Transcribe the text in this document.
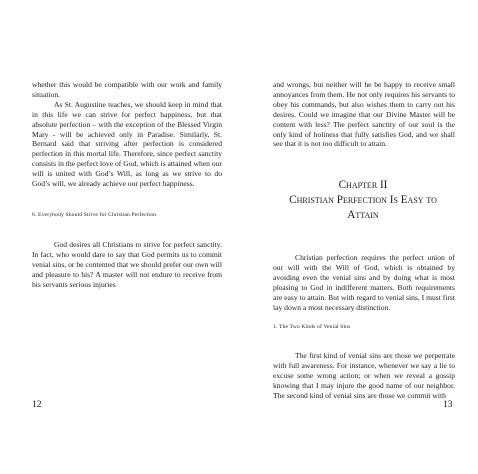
whether this would be compatible with our work and family situation.

As St. Augustine teaches, we should keep in mind that in this life we can strive for perfect happiness, but that absolute perfection – with the exception of the Blessed Virgin Mary - will be achieved only in Paradise. Similarly, St. Bernard said that striving after perfection is considered perfection in this mortal life. Therefore, since perfect sanctity consists in the perfect love of God, which is attained when our will is united with God’s Will, as long as we strive to do God’s will, we already achieve our perfect happiness.

6. Everybody Should Strive for Christian Perfection

God desires all Christians to strive for perfect sanctity. In fact, who would dare to say that God permits us to commit venial sins, or be contented that we should prefer our own will and pleasure to his? A master will not endure to receive from his servants serious injuries

12

and wrongs, but neither will he be happy to receive small annoyances from them. He not only requires his servants to obey his commands, but also wishes them to carry out his desires. Could we imagine that our Divine Master will be content with less? The perfect sanctity of our soul is the only kind of holiness that fully satisfies God, and we shall see that it is not too difficult to attain.

Chapter II
Christian Perfection Is Easy to
Attain

Christian perfection requires the perfect union of our will with the Will of God, which is obtained by avoiding even the venial sins and by doing what is most pleasing to God in indifferent matters. Both requirements are easy to attain. But with regard to venial sins, I must first lay down a most necessary distinction.

1. The Two Kinds of Venial Sins

The first kind of venial sins are those we perpetrate with full awareness. For instance, whenever we say a lie to excuse some wrong action; or when we reveal a gossip knowing that I may injure the good name of our neighbor. The second kind of venial sins are those we commit with

13
